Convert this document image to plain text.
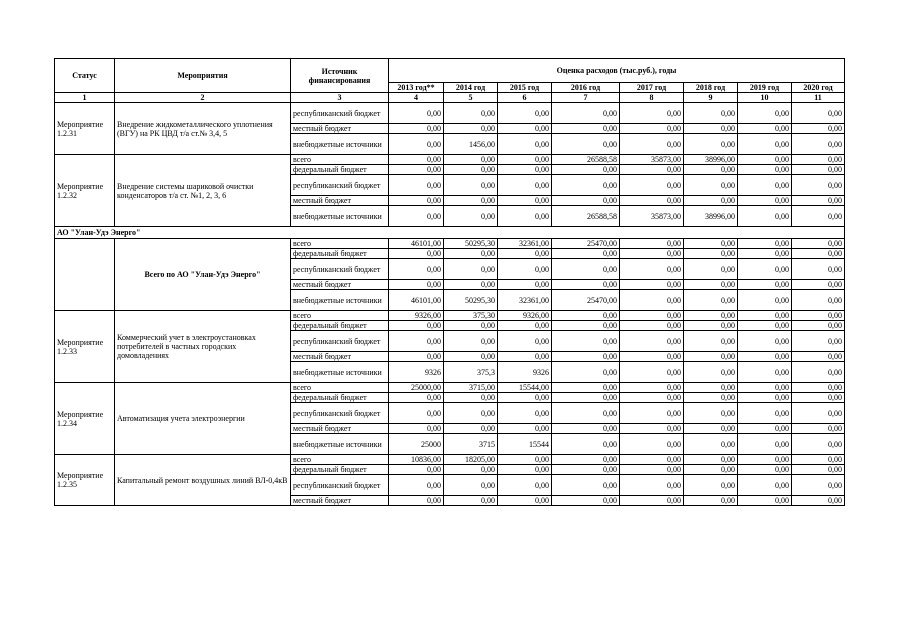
Статус	Мероприятия	Источник финансирования	Оценка расходов (тыс.руб.), годы							
			2013 год**	2014 год	2015 год	2016 год	2017 год	2018 год	2019 год	2020 год
1	2	3	4	5	6	7	8	9	10	11
Мероприятие 1.2.31	Внедрение жидкометаллического уплотнения (ВГУ) на РК ЦВД т/а ст.№ 3,4, 5	республиканский бюджет	0,00	0,00	0,00	0,00	0,00	0,00	0,00	0,00
		местный бюджет	0,00	0,00	0,00	0,00	0,00	0,00	0,00	0,00
		внебюджетные источники	0,00	1456,00	0,00	0,00	0,00	0,00	0,00	0,00
Мероприятие 1.2.32	Внедрение системы шариковой очистки конденсаторов т/а ст. №1, 2, 3, 6	всего	0,00	0,00	0,00	26588,58	35873,00	38996,00	0,00	0,00
		федеральный бюджет	0,00	0,00	0,00	0,00	0,00	0,00	0,00	0,00
		республиканский бюджет	0,00	0,00	0,00	0,00	0,00	0,00	0,00	0,00
		местный бюджет	0,00	0,00	0,00	0,00	0,00	0,00	0,00	0,00
		внебюджетные источники	0,00	0,00	0,00	26588,58	35873,00	38996,00	0,00	0,00
АО "Улан-Удэ Энерго"										
	Всего по АО "Улан-Удэ Энерго"	всего	46101,00	50295,30	32361,00	25470,00	0,00	0,00	0,00	0,00
		федеральный бюджет	0,00	0,00	0,00	0,00	0,00	0,00	0,00	0,00
		республиканский бюджет	0,00	0,00	0,00	0,00	0,00	0,00	0,00	0,00
		местный бюджет	0,00	0,00	0,00	0,00	0,00	0,00	0,00	0,00
		внебюджетные источники	46101,00	50295,30	32361,00	25470,00	0,00	0,00	0,00	0,00
Мероприятие 1.2.33	Коммерческий учет в электроустановках потребителей в частных городских домовладениях	всего	9326,00	375,30	9326,00	0,00	0,00	0,00	0,00	0,00
		федеральный бюджет	0,00	0,00	0,00	0,00	0,00	0,00	0,00	0,00
		республиканский бюджет	0,00	0,00	0,00	0,00	0,00	0,00	0,00	0,00
		местный бюджет	0,00	0,00	0,00	0,00	0,00	0,00	0,00	0,00
		внебюджетные источники	9326	375,3	9326	0,00	0,00	0,00	0,00	0,00
Мероприятие 1.2.34	Автоматизация учета электроэнергии	всего	25000,00	3715,00	15544,00	0,00	0,00	0,00	0,00	0,00
		федеральный бюджет	0,00	0,00	0,00	0,00	0,00	0,00	0,00	0,00
		республиканский бюджет	0,00	0,00	0,00	0,00	0,00	0,00	0,00	0,00
		местный бюджет	0,00	0,00	0,00	0,00	0,00	0,00	0,00	0,00
		внебюджетные источники	25000	3715	15544	0,00	0,00	0,00	0,00	0,00
Мероприятие 1.2.35	Капитальный ремонт воздушных линий ВЛ-0,4кВ	всего	10836,00	18205,00	0,00	0,00	0,00	0,00	0,00	0,00
		федеральный бюджет	0,00	0,00	0,00	0,00	0,00	0,00	0,00	0,00
		республиканский бюджет	0,00	0,00	0,00	0,00	0,00	0,00	0,00	0,00
		местный бюджет	0,00	0,00	0,00	0,00	0,00	0,00	0,00	0,00
